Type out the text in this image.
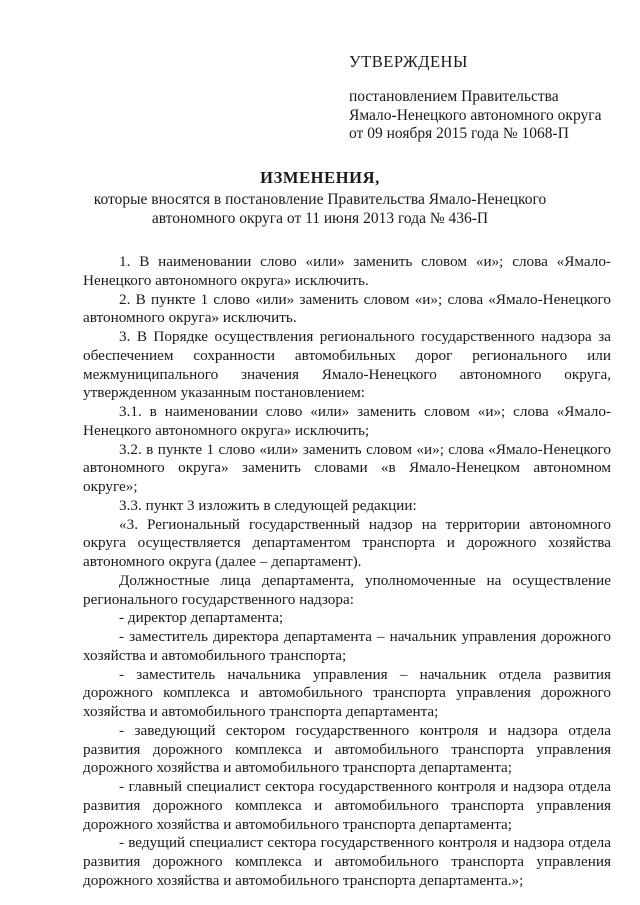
УТВЕРЖДЕНЫ
постановлением Правительства
Ямало-Ненецкого автономного округа
от 09 ноября 2015 года № 1068-П
ИЗМЕНЕНИЯ,
которые вносятся в постановление Правительства Ямало-Ненецкого
автономного округа от 11 июня 2013 года № 436-П

1. В наименовании слово «или» заменить словом «и»; слова «Ямало-Ненецкого автономного округа» исключить.

2. В пункте 1 слово «или» заменить словом «и»; слова «Ямало-Ненецкого автономного округа» исключить.

3. В Порядке осуществления регионального государственного надзора за обеспечением сохранности автомобильных дорог регионального или межмуниципального значения Ямало-Ненецкого автономного округа, утвержденном указанным постановлением:

3.1. в наименовании слово «или» заменить словом «и»; слова «Ямало-Ненецкого автономного округа» исключить;

3.2. в пункте 1 слово «или» заменить словом «и»; слова «Ямало-Ненецкого автономного округа» заменить словами «в Ямало-Ненецком автономном округе»;

3.3. пункт 3 изложить в следующей редакции:

«3. Региональный государственный надзор на территории автономного округа осуществляется департаментом транспорта и дорожного хозяйства автономного округа (далее – департамент).

Должностные лица департамента, уполномоченные на осуществление регионального государственного надзора:

- директор департамента;

- заместитель директора департамента – начальник управления дорожного хозяйства и автомобильного транспорта;

- заместитель начальника управления – начальник отдела развития дорожного комплекса и автомобильного транспорта управления дорожного хозяйства и автомобильного транспорта департамента;

- заведующий сектором государственного контроля и надзора отдела развития дорожного комплекса и автомобильного транспорта управления дорожного хозяйства и автомобильного транспорта департамента;

- главный специалист сектора государственного контроля и надзора отдела развития дорожного комплекса и автомобильного транспорта управления дорожного хозяйства и автомобильного транспорта департамента;

- ведущий специалист сектора государственного контроля и надзора отдела развития дорожного комплекса и автомобильного транспорта управления дорожного хозяйства и автомобильного транспорта департамента.»;
